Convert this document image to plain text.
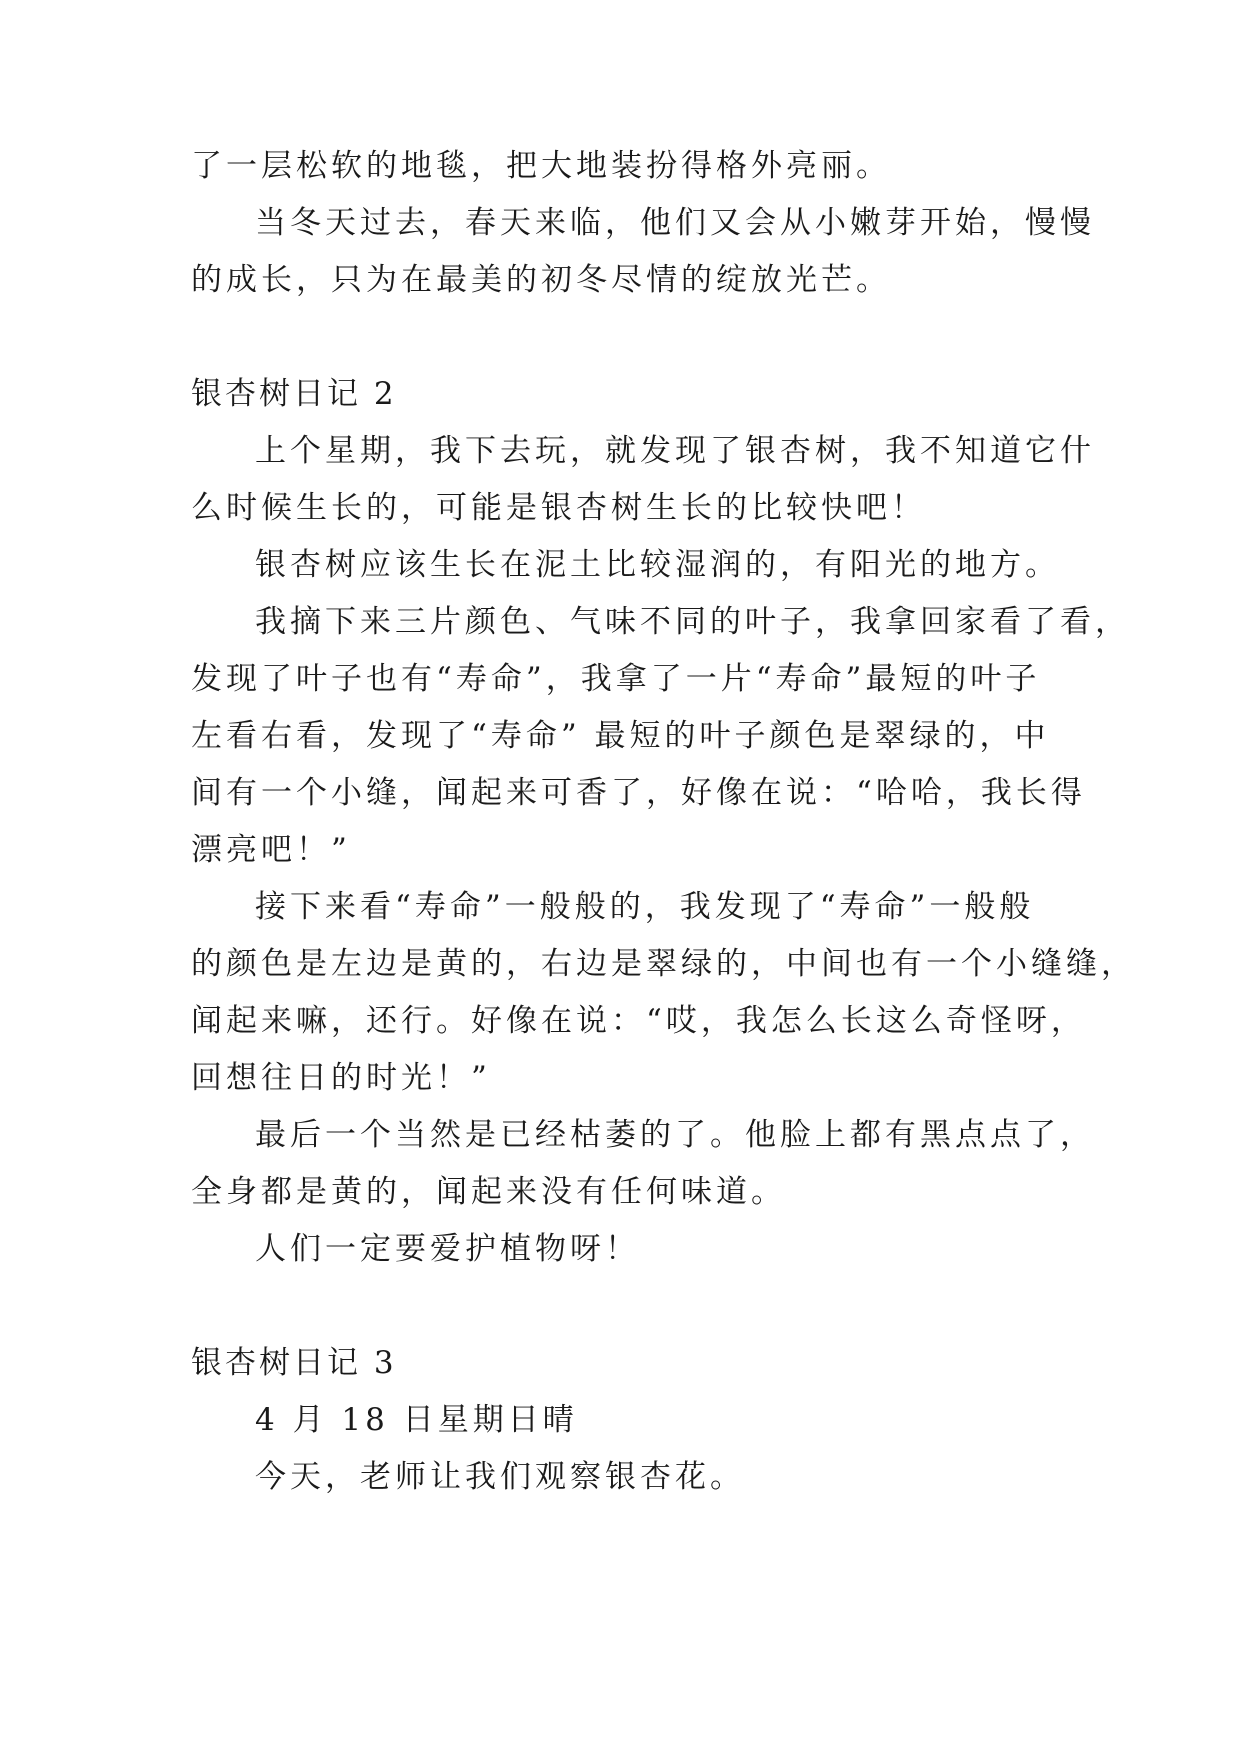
了一层松软的地毯，把大地装扮得格外亮丽。

当冬天过去，春天来临，他们又会从小嫩芽开始，慢慢

的成长，只为在最美的初冬尽情的绽放光芒。

银杏树日记 2

上个星期，我下去玩，就发现了银杏树，我不知道它什

么时候生长的，可能是银杏树生长的比较快吧！

银杏树应该生长在泥土比较湿润的，有阳光的地方。

我摘下来三片颜色、气味不同的叶子，我拿回家看了看，

发现了叶子也有“寿命”，我拿了一片“寿命”最短的叶子

左看右看，发现了“寿命” 最短的叶子颜色是翠绿的，中

间有一个小缝，闻起来可香了，好像在说：“哈哈，我长得

漂亮吧！”

接下来看“寿命”一般般的，我发现了“寿命”一般般

的颜色是左边是黄的，右边是翠绿的，中间也有一个小缝缝，

闻起来嘛，还行。好像在说：“哎，我怎么长这么奇怪呀，

回想往日的时光！”

最后一个当然是已经枯萎的了。他脸上都有黑点点了，

全身都是黄的，闻起来没有任何味道。

人们一定要爱护植物呀！

银杏树日记 3

4 月 18 日星期日晴

今天，老师让我们观察银杏花。
